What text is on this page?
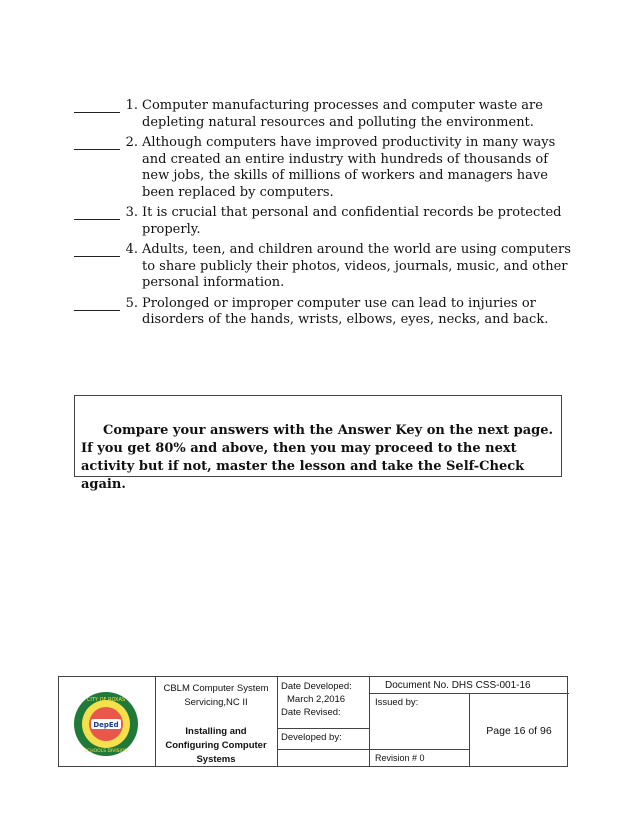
1. Computer manufacturing processes and computer waste are depleting natural resources and polluting the environment.
2. Although computers have improved productivity in many ways and created an entire industry with hundreds of thousands of new jobs, the skills of millions of workers and managers have been replaced by computers.
3. It is crucial that personal and confidential records be protected properly.
4. Adults, teen, and children around the world are using computers to share publicly their photos, videos, journals, music, and other personal information.
5. Prolonged or improper computer use can lead to injuries or disorders of the hands, wrists, elbows, eyes, necks, and back.
Compare your answers with the Answer Key on the next page. If you get 80% and above, then you may proceed to the next activity but if not, master the lesson and take the Self-Check again.
DepEd
CITY OF ROXAS
SCHOOLS DIVISION
CBLM Computer System
Servicing,NC II
Installing and
Configuring Computer
Systems
Date Developed:
March 2,2016
Date Revised:
Developed by:
Document No. DHS CSS-001-16
Issued by:
Revision # 0
Page 16 of 96
